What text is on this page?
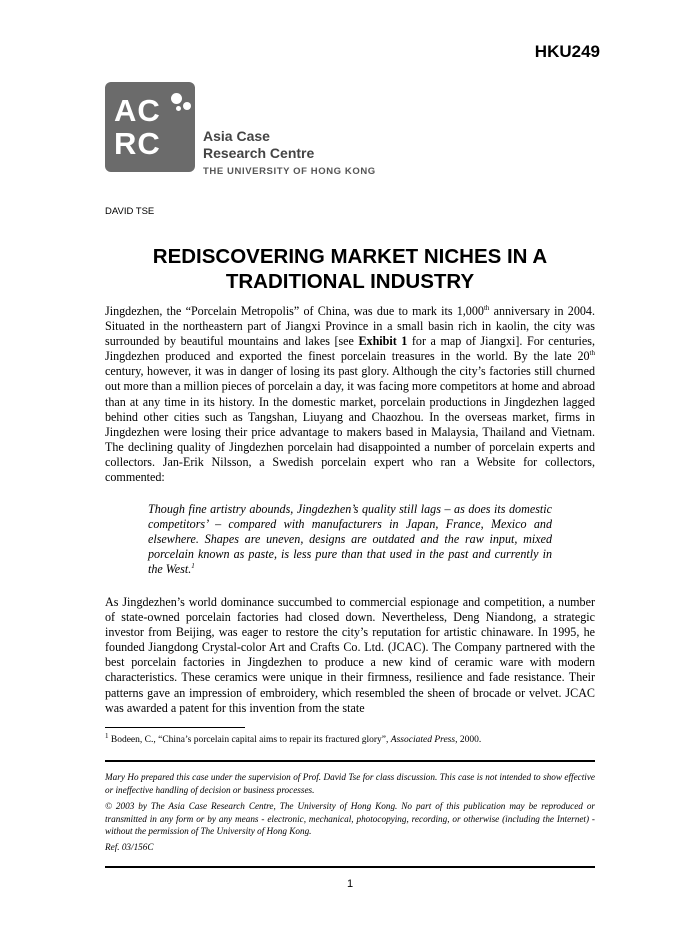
HKU249
AC
RC	Asia Case
Research Centre
THE UNIVERSITY OF HONG KONG
DAVID TSE
REDISCOVERING MARKET NICHES IN A
TRADITIONAL INDUSTRY

Jingdezhen, the “Porcelain Metropolis” of China, was due to mark its 1,000th anniversary in 2004. Situated in the northeastern part of Jiangxi Province in a small basin rich in kaolin, the city was surrounded by beautiful mountains and lakes [see Exhibit 1 for a map of Jiangxi]. For centuries, Jingdezhen produced and exported the finest porcelain treasures in the world. By the late 20th century, however, it was in danger of losing its past glory. Although the city’s factories still churned out more than a million pieces of porcelain a day, it was facing more competitors at home and abroad than at any time in its history. In the domestic market, porcelain productions in Jingdezhen lagged behind other cities such as Tangshan, Liuyang and Chaozhou. In the overseas market, firms in Jingdezhen were losing their price advantage to makers based in Malaysia, Thailand and Vietnam. The declining quality of Jingdezhen porcelain had disappointed a number of porcelain experts and collectors. Jan-Erik Nilsson, a Swedish porcelain expert who ran a Website for collectors, commented:

Though fine artistry abounds, Jingdezhen’s quality still lags – as does its domestic competitors’ – compared with manufacturers in Japan, France, Mexico and elsewhere. Shapes are uneven, designs are outdated and the raw input, mixed porcelain known as paste, is less pure than that used in the past and currently in the West.$^1$

As Jingdezhen’s world dominance succumbed to commercial espionage and competition, a number of state-owned porcelain factories had closed down. Nevertheless, Deng Niandong, a strategic investor from Beijing, was eager to restore the city’s reputation for artistic chinaware. In 1995, he founded Jiangdong Crystal-color Art and Crafts Co. Ltd. (JCAC). The Company partnered with the best porcelain factories in Jingdezhen to produce a new kind of ceramic ware with modern characteristics. These ceramics were unique in their firmness, resilience and fade resistance. Their patterns gave an impression of embroidery, which resembled the sheen of brocade or velvet. JCAC was awarded a patent for this invention from the state

$^1$ Bodeen, C., “China’s porcelain capital aims to repair its fractured glory”, Associated Press, 2000.

Mary Ho prepared this case under the supervision of Prof. David Tse for class discussion. This case is not intended to show effective or ineffective handling of decision or business processes.

© 2003 by The Asia Case Research Centre, The University of Hong Kong. No part of this publication may be reproduced or transmitted in any form or by any means - electronic, mechanical, photocopying, recording, or otherwise (including the Internet) - without the permission of The University of Hong Kong.

Ref. 03/156C

1
